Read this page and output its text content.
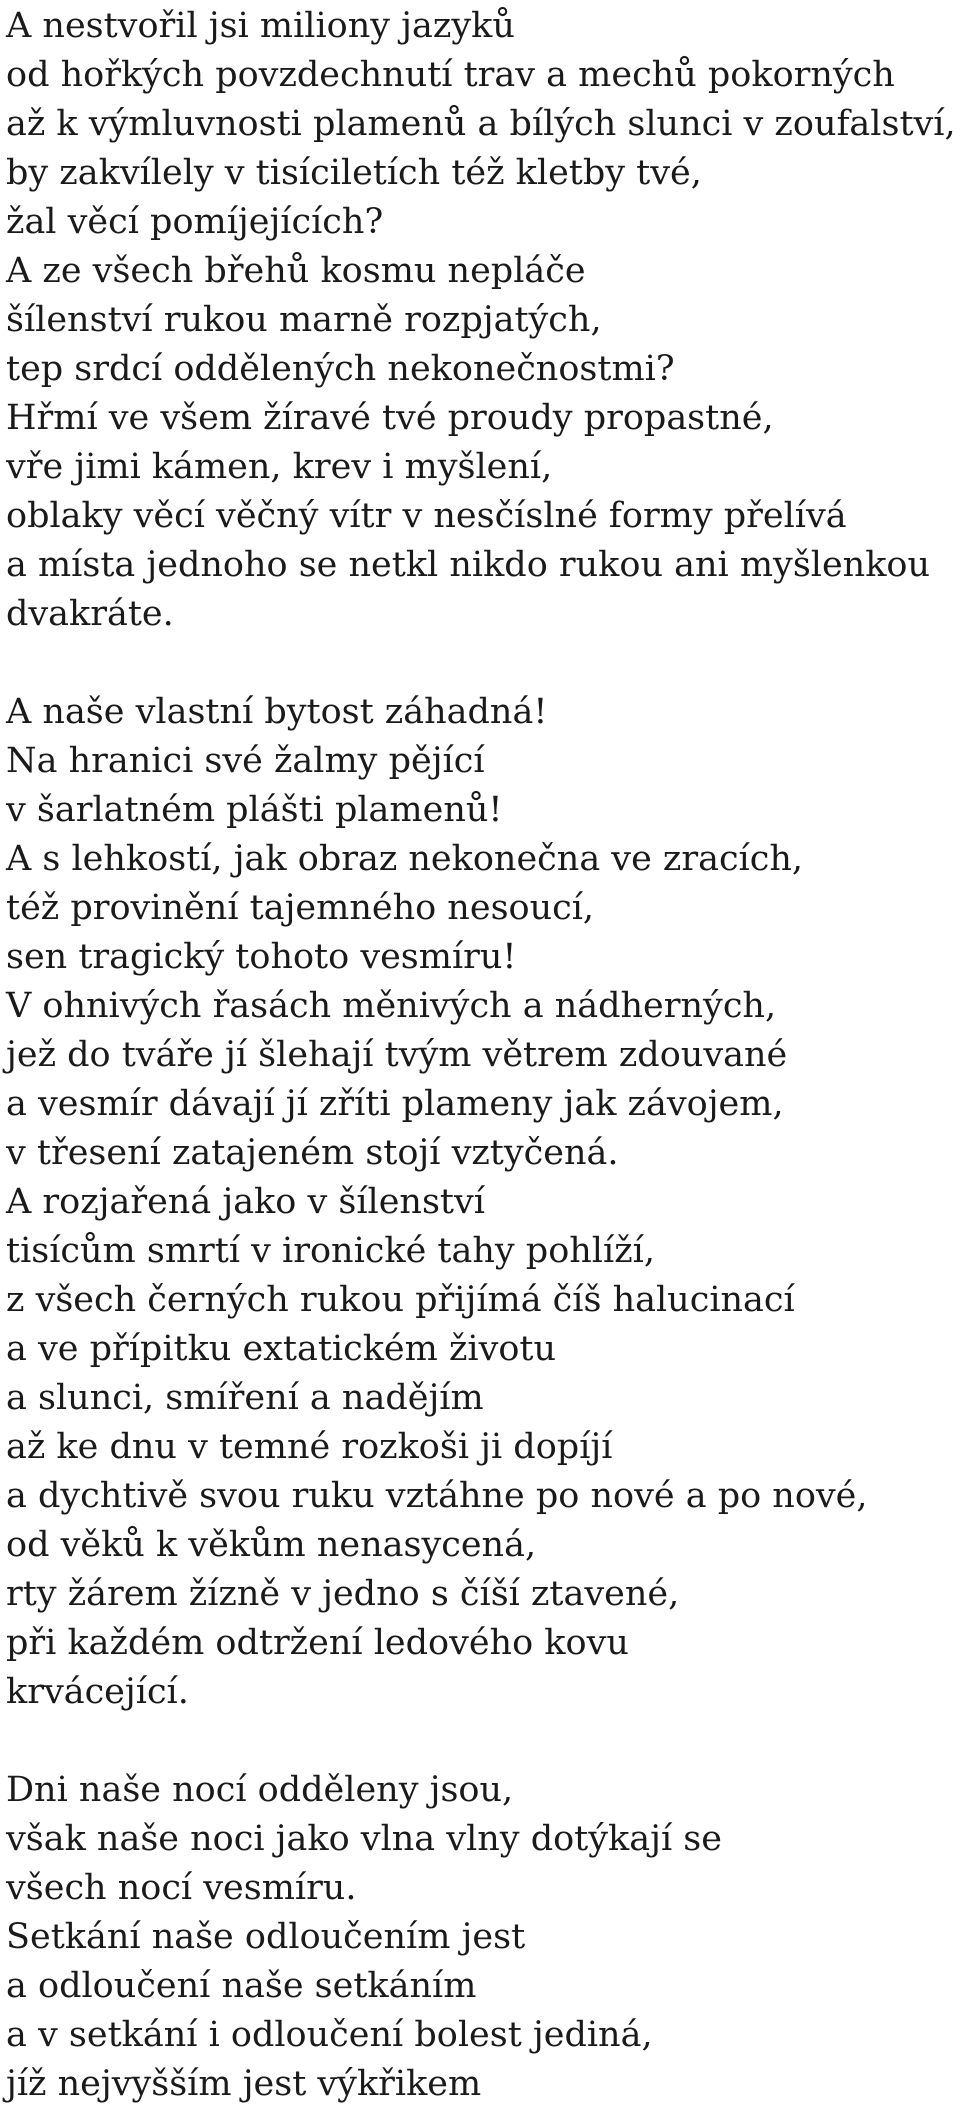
A nestvořil jsi miliony jazyků
od hořkých povzdechnutí trav a mechů pokorných
až k výmluvnosti plamenů a bílých slunci v zoufalství,
by zakvílely v tisíciletích též kletby tvé,
žal věcí pomíjejících?
A ze všech břehů kosmu nepláče
šílenství rukou marně rozpjatých,
tep srdcí oddělených nekonečnostmi?
Hřmí ve všem žíravé tvé proudy propastné,
vře jimi kámen, krev i myšlení,
oblaky věcí věčný vítr v nesčíslné formy přelívá
a místa jednoho se netkl nikdo rukou ani myšlenkou
dvakráte.
A naše vlastní bytost záhadná!
Na hranici své žalmy pějící
v šarlatném plášti plamenů!
A s lehkostí, jak obraz nekonečna ve zracích,
též provinění tajemného nesoucí,
sen tragický tohoto vesmíru!
V ohnivých řasách měnivých a nádherných,
jež do tváře jí šlehají tvým větrem zdouvané
a vesmír dávají jí zříti plameny jak závojem,
v třesení zatajeném stojí vztyčená.
A rozjařená jako v šílenství
tisícům smrtí v ironické tahy pohlíží,
z všech černých rukou přijímá číš halucinací
a ve přípitku extatickém životu
a slunci, smíření a nadějím
až ke dnu v temné rozkoši ji dopíjí
a dychtivě svou ruku vztáhne po nové a po nové,
od věků k věkům nenasycená,
rty žárem žízně v jedno s číší ztavené,
při každém odtržení ledového kovu
krvácející.
Dni naše nocí odděleny jsou,
však naše noci jako vlna vlny dotýkají se
všech nocí vesmíru.
Setkání naše odloučením jest
a odloučení naše setkáním
a v setkání i odloučení bolest jediná,
jíž nejvyšším jest výkřikem
